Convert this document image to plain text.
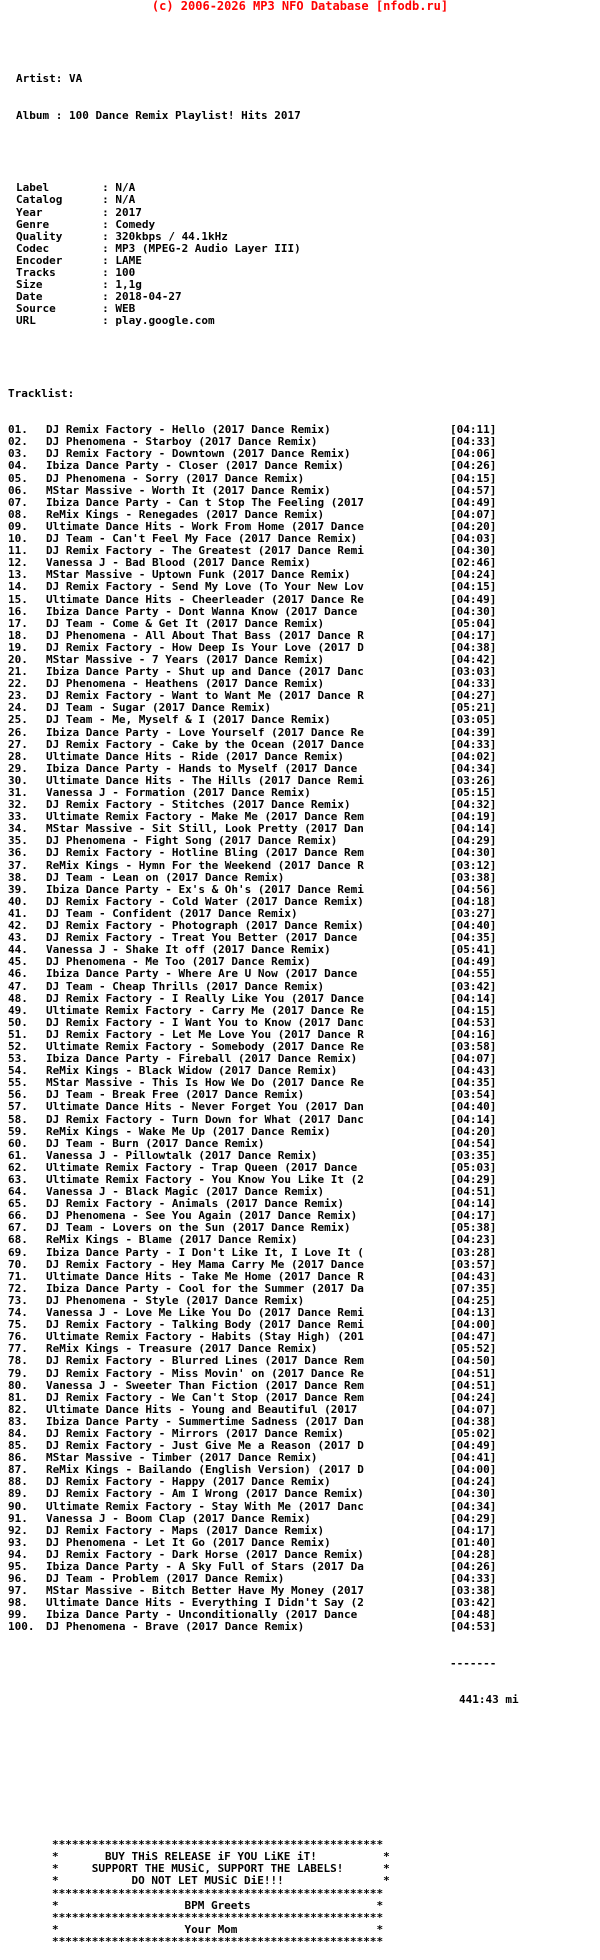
(c) 2006-2026 MP3 NFO Database [nfodb.ru]

Artist: VA

Album : 100 Dance Remix Playlist! Hits 2017

Label        : N/A
Catalog      : N/A
Year         : 2017
Genre        : Comedy
Quality      : 320kbps / 44.1kHz
Codec        : MP3 (MPEG-2 Audio Layer III)
Encoder      : LAME
Tracks       : 100
Size         : 1,1g
Date         : 2018-04-27
Source       : WEB
URL          : play.google.com

Tracklist:

01. DJ Remix Factory - Hello (2017 Dance Remix)	[04:11]
02. DJ Phenomena - Starboy (2017 Dance Remix)	[04:33]
03. DJ Remix Factory - Downtown (2017 Dance Remix)	[04:06]
04. Ibiza Dance Party - Closer (2017 Dance Remix)	[04:26]
05. DJ Phenomena - Sorry (2017 Dance Remix)	[04:15]
06. MStar Massive - Worth It (2017 Dance Remix)	[04:57]
07. Ibiza Dance Party - Can t Stop The Feeling (2017	[04:49]
08. ReMix Kings - Renegades (2017 Dance Remix)	[04:07]
09. Ultimate Dance Hits - Work From Home (2017 Dance	[04:20]
10. DJ Team - Can't Feel My Face (2017 Dance Remix)	[04:03]
11. DJ Remix Factory - The Greatest (2017 Dance Remi	[04:30]
12. Vanessa J - Bad Blood (2017 Dance Remix)	[02:46]
13. MStar Massive - Uptown Funk (2017 Dance Remix)	[04:24]
14. DJ Remix Factory - Send My Love (To Your New Lov	[04:15]
15. Ultimate Dance Hits - Cheerleader (2017 Dance Re	[04:49]
16. Ibiza Dance Party - Dont Wanna Know (2017 Dance	[04:30]
17. DJ Team - Come & Get It (2017 Dance Remix)	[05:04]
18. DJ Phenomena - All About That Bass (2017 Dance R	[04:17]
19. DJ Remix Factory - How Deep Is Your Love (2017 D	[04:38]
20. MStar Massive - 7 Years (2017 Dance Remix)	[04:42]
21. Ibiza Dance Party - Shut up and Dance (2017 Danc	[03:03]
22. DJ Phenomena - Heathens (2017 Dance Remix)	[04:33]
23. DJ Remix Factory - Want to Want Me (2017 Dance R	[04:27]
24. DJ Team - Sugar (2017 Dance Remix)	[05:21]
25. DJ Team - Me, Myself & I (2017 Dance Remix)	[03:05]
26. Ibiza Dance Party - Love Yourself (2017 Dance Re	[04:39]
27. DJ Remix Factory - Cake by the Ocean (2017 Dance	[04:33]
28. Ultimate Dance Hits - Ride (2017 Dance Remix)	[04:02]
29. Ibiza Dance Party - Hands to Myself (2017 Dance	[04:34]
30. Ultimate Dance Hits - The Hills (2017 Dance Remi	[03:26]
31. Vanessa J - Formation (2017 Dance Remix)	[05:15]
32. DJ Remix Factory - Stitches (2017 Dance Remix)	[04:32]
33. Ultimate Remix Factory - Make Me (2017 Dance Rem	[04:19]
34. MStar Massive - Sit Still, Look Pretty (2017 Dan	[04:14]
35. DJ Phenomena - Fight Song (2017 Dance Remix)	[04:29]
36. DJ Remix Factory - Hotline Bling (2017 Dance Rem	[04:30]
37. ReMix Kings - Hymn For the Weekend (2017 Dance R	[03:12]
38. DJ Team - Lean on (2017 Dance Remix)	[03:38]
39. Ibiza Dance Party - Ex's & Oh's (2017 Dance Remi	[04:56]
40. DJ Remix Factory - Cold Water (2017 Dance Remix)	[04:18]
41. DJ Team - Confident (2017 Dance Remix)	[03:27]
42. DJ Remix Factory - Photograph (2017 Dance Remix)	[04:40]
43. DJ Remix Factory - Treat You Better (2017 Dance	[04:35]
44. Vanessa J - Shake It off (2017 Dance Remix)	[05:41]
45. DJ Phenomena - Me Too (2017 Dance Remix)	[04:49]
46. Ibiza Dance Party - Where Are U Now (2017 Dance	[04:55]
47. DJ Team - Cheap Thrills (2017 Dance Remix)	[03:42]
48. DJ Remix Factory - I Really Like You (2017 Dance	[04:14]
49. Ultimate Remix Factory - Carry Me (2017 Dance Re	[04:15]
50. DJ Remix Factory - I Want You to Know (2017 Danc	[04:53]
51. DJ Remix Factory - Let Me Love You (2017 Dance R	[04:16]
52. Ultimate Remix Factory - Somebody (2017 Dance Re	[03:58]
53. Ibiza Dance Party - Fireball (2017 Dance Remix)	[04:07]
54. ReMix Kings - Black Widow (2017 Dance Remix)	[04:43]
55. MStar Massive - This Is How We Do (2017 Dance Re	[04:35]
56. DJ Team - Break Free (2017 Dance Remix)	[03:54]
57. Ultimate Dance Hits - Never Forget You (2017 Dan	[04:40]
58. DJ Remix Factory - Turn Down for What (2017 Danc	[04:14]
59. ReMix Kings - Wake Me Up (2017 Dance Remix)	[04:20]
60. DJ Team - Burn (2017 Dance Remix)	[04:54]
61. Vanessa J - Pillowtalk (2017 Dance Remix)	[03:35]
62. Ultimate Remix Factory - Trap Queen (2017 Dance	[05:03]
63. Ultimate Remix Factory - You Know You Like It (2	[04:29]
64. Vanessa J - Black Magic (2017 Dance Remix)	[04:51]
65. DJ Remix Factory - Animals (2017 Dance Remix)	[04:14]
66. DJ Phenomena - See You Again (2017 Dance Remix)	[04:17]
67. DJ Team - Lovers on the Sun (2017 Dance Remix)	[05:38]
68. ReMix Kings - Blame (2017 Dance Remix)	[04:23]
69. Ibiza Dance Party - I Don't Like It, I Love It (	[03:28]
70. DJ Remix Factory - Hey Mama Carry Me (2017 Dance	[03:57]
71. Ultimate Dance Hits - Take Me Home (2017 Dance R	[04:43]
72. Ibiza Dance Party - Cool for the Summer (2017 Da	[07:35]
73. DJ Phenomena - Style (2017 Dance Remix)	[04:25]
74. Vanessa J - Love Me Like You Do (2017 Dance Remi	[04:13]
75. DJ Remix Factory - Talking Body (2017 Dance Remi	[04:00]
76. Ultimate Remix Factory - Habits (Stay High) (201	[04:47]
77. ReMix Kings - Treasure (2017 Dance Remix)	[05:52]
78. DJ Remix Factory - Blurred Lines (2017 Dance Rem	[04:50]
79. DJ Remix Factory - Miss Movin' on (2017 Dance Re	[04:51]
80. Vanessa J - Sweeter Than Fiction (2017 Dance Rem	[04:51]
81. DJ Remix Factory - We Can't Stop (2017 Dance Rem	[04:24]
82. Ultimate Dance Hits - Young and Beautiful (2017	[04:07]
83. Ibiza Dance Party - Summertime Sadness (2017 Dan	[04:38]
84. DJ Remix Factory - Mirrors (2017 Dance Remix)	[05:02]
85. DJ Remix Factory - Just Give Me a Reason (2017 D	[04:49]
86. MStar Massive - Timber (2017 Dance Remix)	[04:41]
87. ReMix Kings - Bailando (English Version) (2017 D	[04:00]
88. DJ Remix Factory - Happy (2017 Dance Remix)	[04:24]
89. DJ Remix Factory - Am I Wrong (2017 Dance Remix)	[04:30]
90. Ultimate Remix Factory - Stay With Me (2017 Danc	[04:34]
91. Vanessa J - Boom Clap (2017 Dance Remix)	[04:29]
92. DJ Remix Factory - Maps (2017 Dance Remix)	[04:17]
93. DJ Phenomena - Let It Go (2017 Dance Remix)	[01:40]
94. DJ Remix Factory - Dark Horse (2017 Dance Remix)	[04:28]
95. Ibiza Dance Party - A Sky Full of Stars (2017 Da	[04:26]
96. DJ Team - Problem (2017 Dance Remix)	[04:33]
97. MStar Massive - Bitch Better Have My Money (2017	[03:38]
98. Ultimate Dance Hits - Everything I Didn't Say (2	[03:42]
99. Ibiza Dance Party - Unconditionally (2017 Dance	[04:48]
100. DJ Phenomena - Brave (2017 Dance Remix)	[04:53]

-------

441:43 mi

**************************************************
*       BUY THiS RELEASE iF YOU LiKE iT!          *
*     SUPPORT THE MUSiC, SUPPORT THE LABELS!      *
*           DO NOT LET MUSiC DiE!!!               *
**************************************************
*                   BPM Greets                   *
**************************************************
*                   Your Mom                     *
**************************************************
